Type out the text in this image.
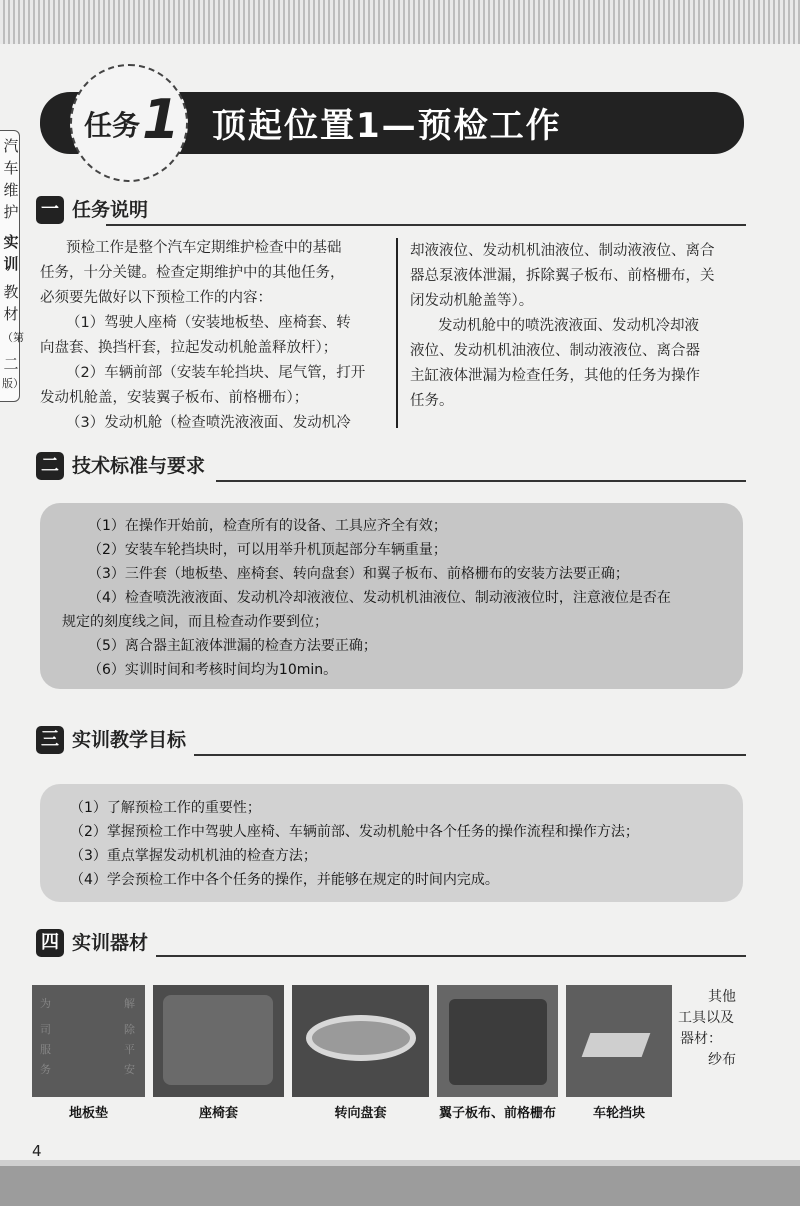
汽
车
维
护
实
训
教
材
（第
二
版）
任务 1 顶起位置1—预检工作
一 任务说明
预检工作是整个汽车定期维护检查中的基础
任务，十分关键。检查定期维护中的其他任务，
必须要先做好以下预检工作的内容：
（1）驾驶人座椅（安装地板垫、座椅套、转
向盘套、换挡杆套，拉起发动机舱盖释放杆）；
（2）车辆前部（安装车轮挡块、尾气管，打开
发动机舱盖，安装翼子板布、前格栅布）；
（3）发动机舱（检查喷洗液液面、发动机冷
却液液位、发动机机油液位、制动液液位、离合
器总泵液体泄漏，拆除翼子板布、前格栅布，关
闭发动机舱盖等）。
发动机舱中的喷洗液液面、发动机冷却液
液位、发动机机油液位、制动液液位、离合器
主缸液体泄漏为检查任务，其他的任务为操作
任务。
二 技术标准与要求
（1）在操作开始前，检查所有的设备、工具应齐全有效；
（2）安装车轮挡块时，可以用举升机顶起部分车辆重量；
（3）三件套（地板垫、座椅套、转向盘套）和翼子板布、前格栅布的安装方法要正确；
（4）检查喷洗液液面、发动机冷却液液位、发动机机油液位、制动液液位时，注意液位是否在
规定的刻度线之间，而且检查动作要到位；
（5）离合器主缸液体泄漏的检查方法要正确；
（6）实训时间和考核时间均为10min。
三 实训教学目标
（1）了解预检工作的重要性；
（2）掌握预检工作中驾驶人座椅、车辆前部、发动机舱中各个任务的操作流程和操作方法；
（3）重点掌握发动机机油的检查方法；
（4）学会预检工作中各个任务的操作，并能够在规定的时间内完成。
四 实训器材
为
司
服
务
解
除
平
安
地板垫	座椅套	转向盘套	翼子板布、前格栅布	车轮挡块
其他
工具以及
器材：
纱布
4
